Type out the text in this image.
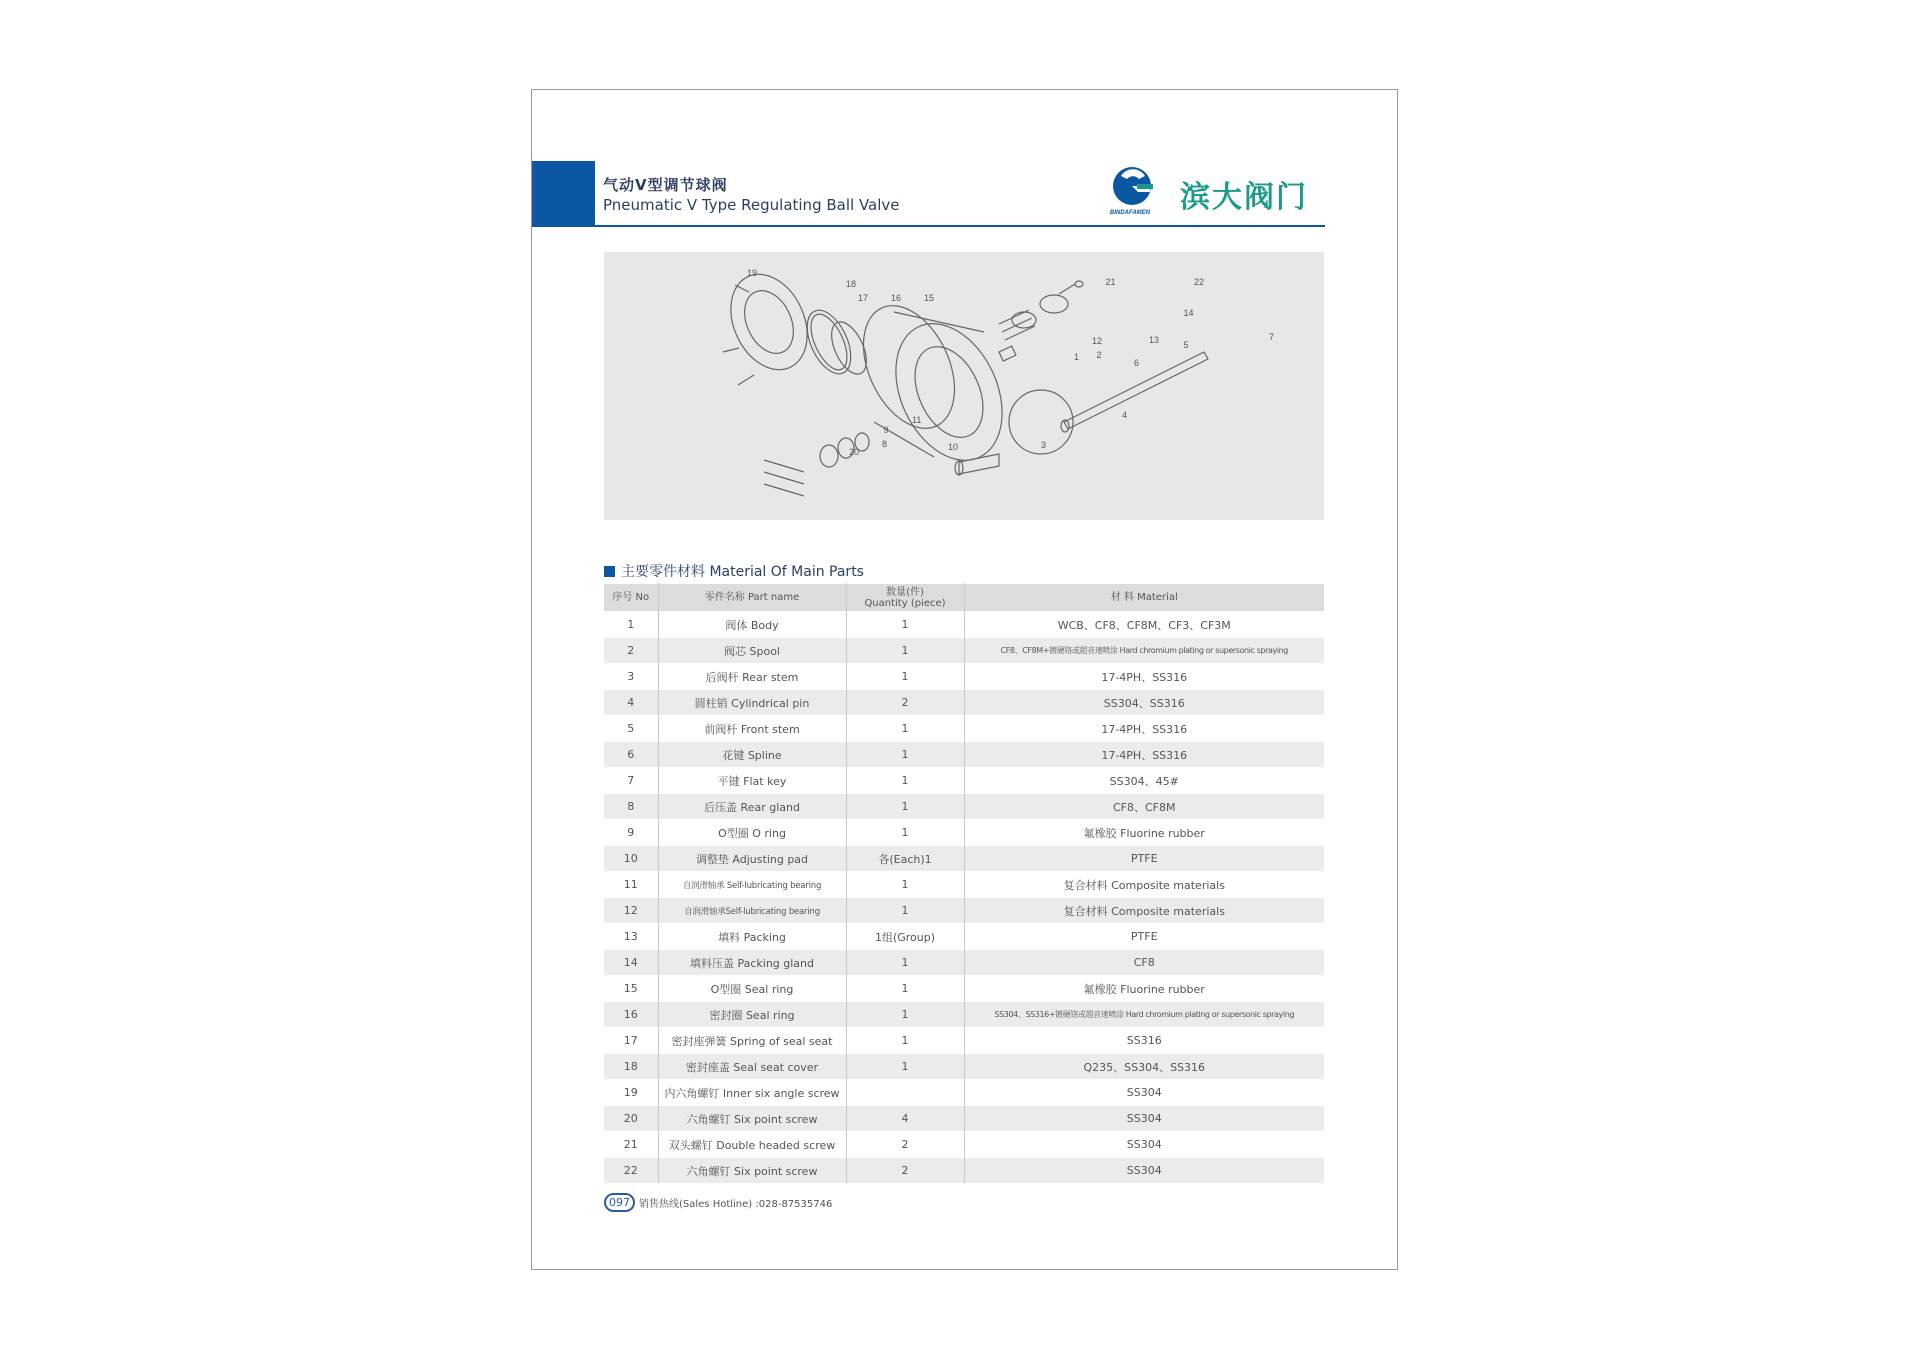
气动V型调节球阀
Pneumatic V Type Regulating Ball Valve	BINDAFAMEN 滨大阀门
1 2
3
4
5
6
7
8
9
10
11
12	13
14
15
16
17
18
19
20
21	22
主要零件材料 Material Of Main Parts
序号 No	零件名称 Part name	数量(件)
Quantity (piece)	材 料 Material
1	阀体 Body	1	WCB、CF8、CF8M、CF3、CF3M
2	阀芯 Spool	1	CF8、CF8M+镀硬铬或超音速喷涂 Hard chromium plating or supersonic spraying
3	后阀杆 Rear stem	1	17-4PH、SS316
4	圆柱销 Cylindrical pin	2	SS304、SS316
5	前阀杆 Front stem	1	17-4PH、SS316
6	花键 Spline	1	17-4PH、SS316
7	平键 Flat key	1	SS304、45#
8	后压盖 Rear gland	1	CF8、CF8M
9	O型圈 O ring	1	氟橡胶 Fluorine rubber
10	调整垫 Adjusting pad	各(Each)1	PTFE
11	自润滑轴承 Self-lubricating bearing	1	复合材料 Composite materials
12	自润滑轴承Self-lubricating bearing	1	复合材料 Composite materials
13	填料 Packing	1组(Group)	PTFE
14	填料压盖 Packing gland	1	CF8
15	O型圈 Seal ring	1	氟橡胶 Fluorine rubber
16	密封圈 Seal ring	1	SS304、SS316+镀硬铬或超音速喷涂 Hard chromium plating or supersonic spraying
17	密封座弹簧 Spring of seal seat	1	SS316
18	密封座盖 Seal seat cover	1	Q235、SS304、SS316
19	内六角螺钉 Inner six angle screw		SS304
20	六角螺钉 Six point screw	4	SS304
21	双头螺钉 Double headed screw	2	SS304
22	六角螺钉 Six point screw	2	SS304
097 销售热线(Sales Hotline) :028-87535746
